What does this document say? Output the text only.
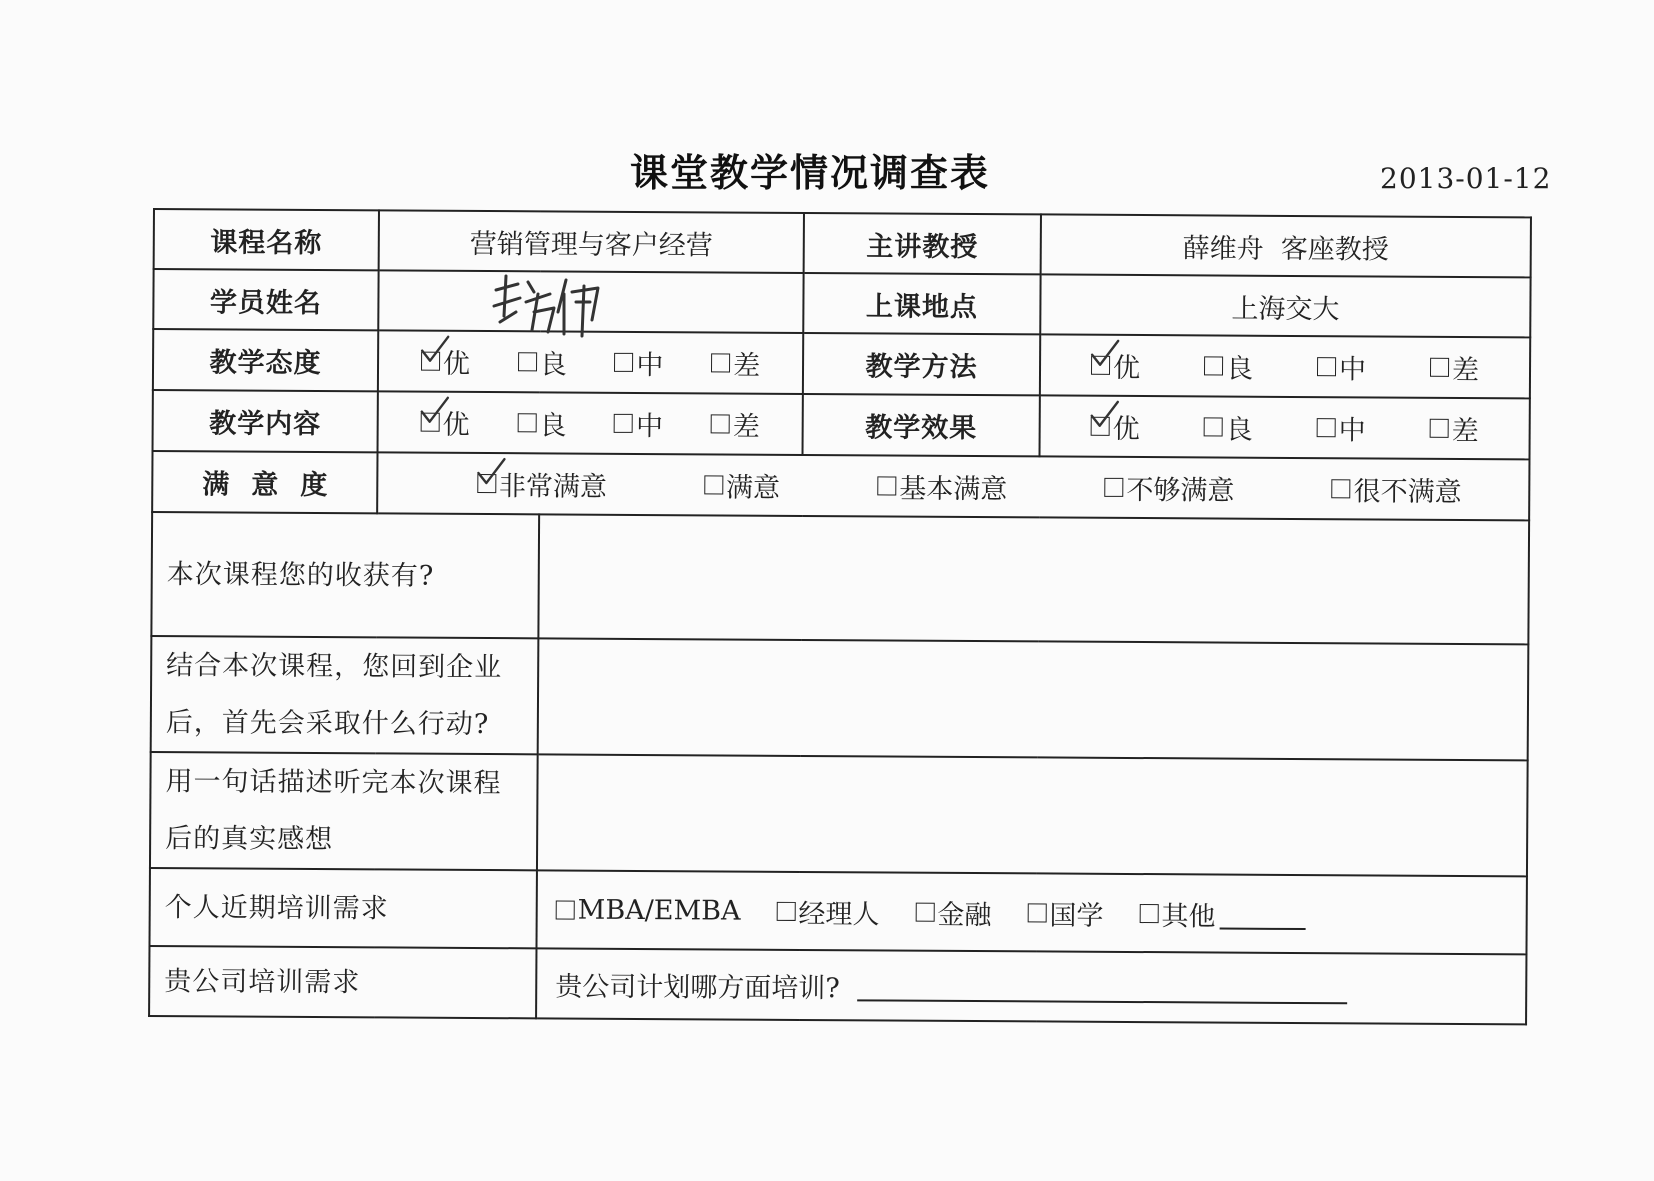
课堂教学情况调查表	2013-01-12
课程名称	营销管理与客户经营		主讲教授	薛维舟  客座教授
学员姓名			上课地点	上海交大
教学态度	优 良 中 差		教学方法	优 良 中 差

教学内容	优 良 中 差		教学效果	优 良 中 差

满意度	非常满意 满意 基本满意 不够满意 很不满意			

本次课程您的收获有?				

结合本次课程，您回到企业
后，首先会采取什么行动?				

用一句话描述听完本次课程
后的真实感想				

个人近期培训需求		MBA/EMBA 经理人 金融 国学 其他		

贵公司培训需求		贵公司计划哪方面培训?		
